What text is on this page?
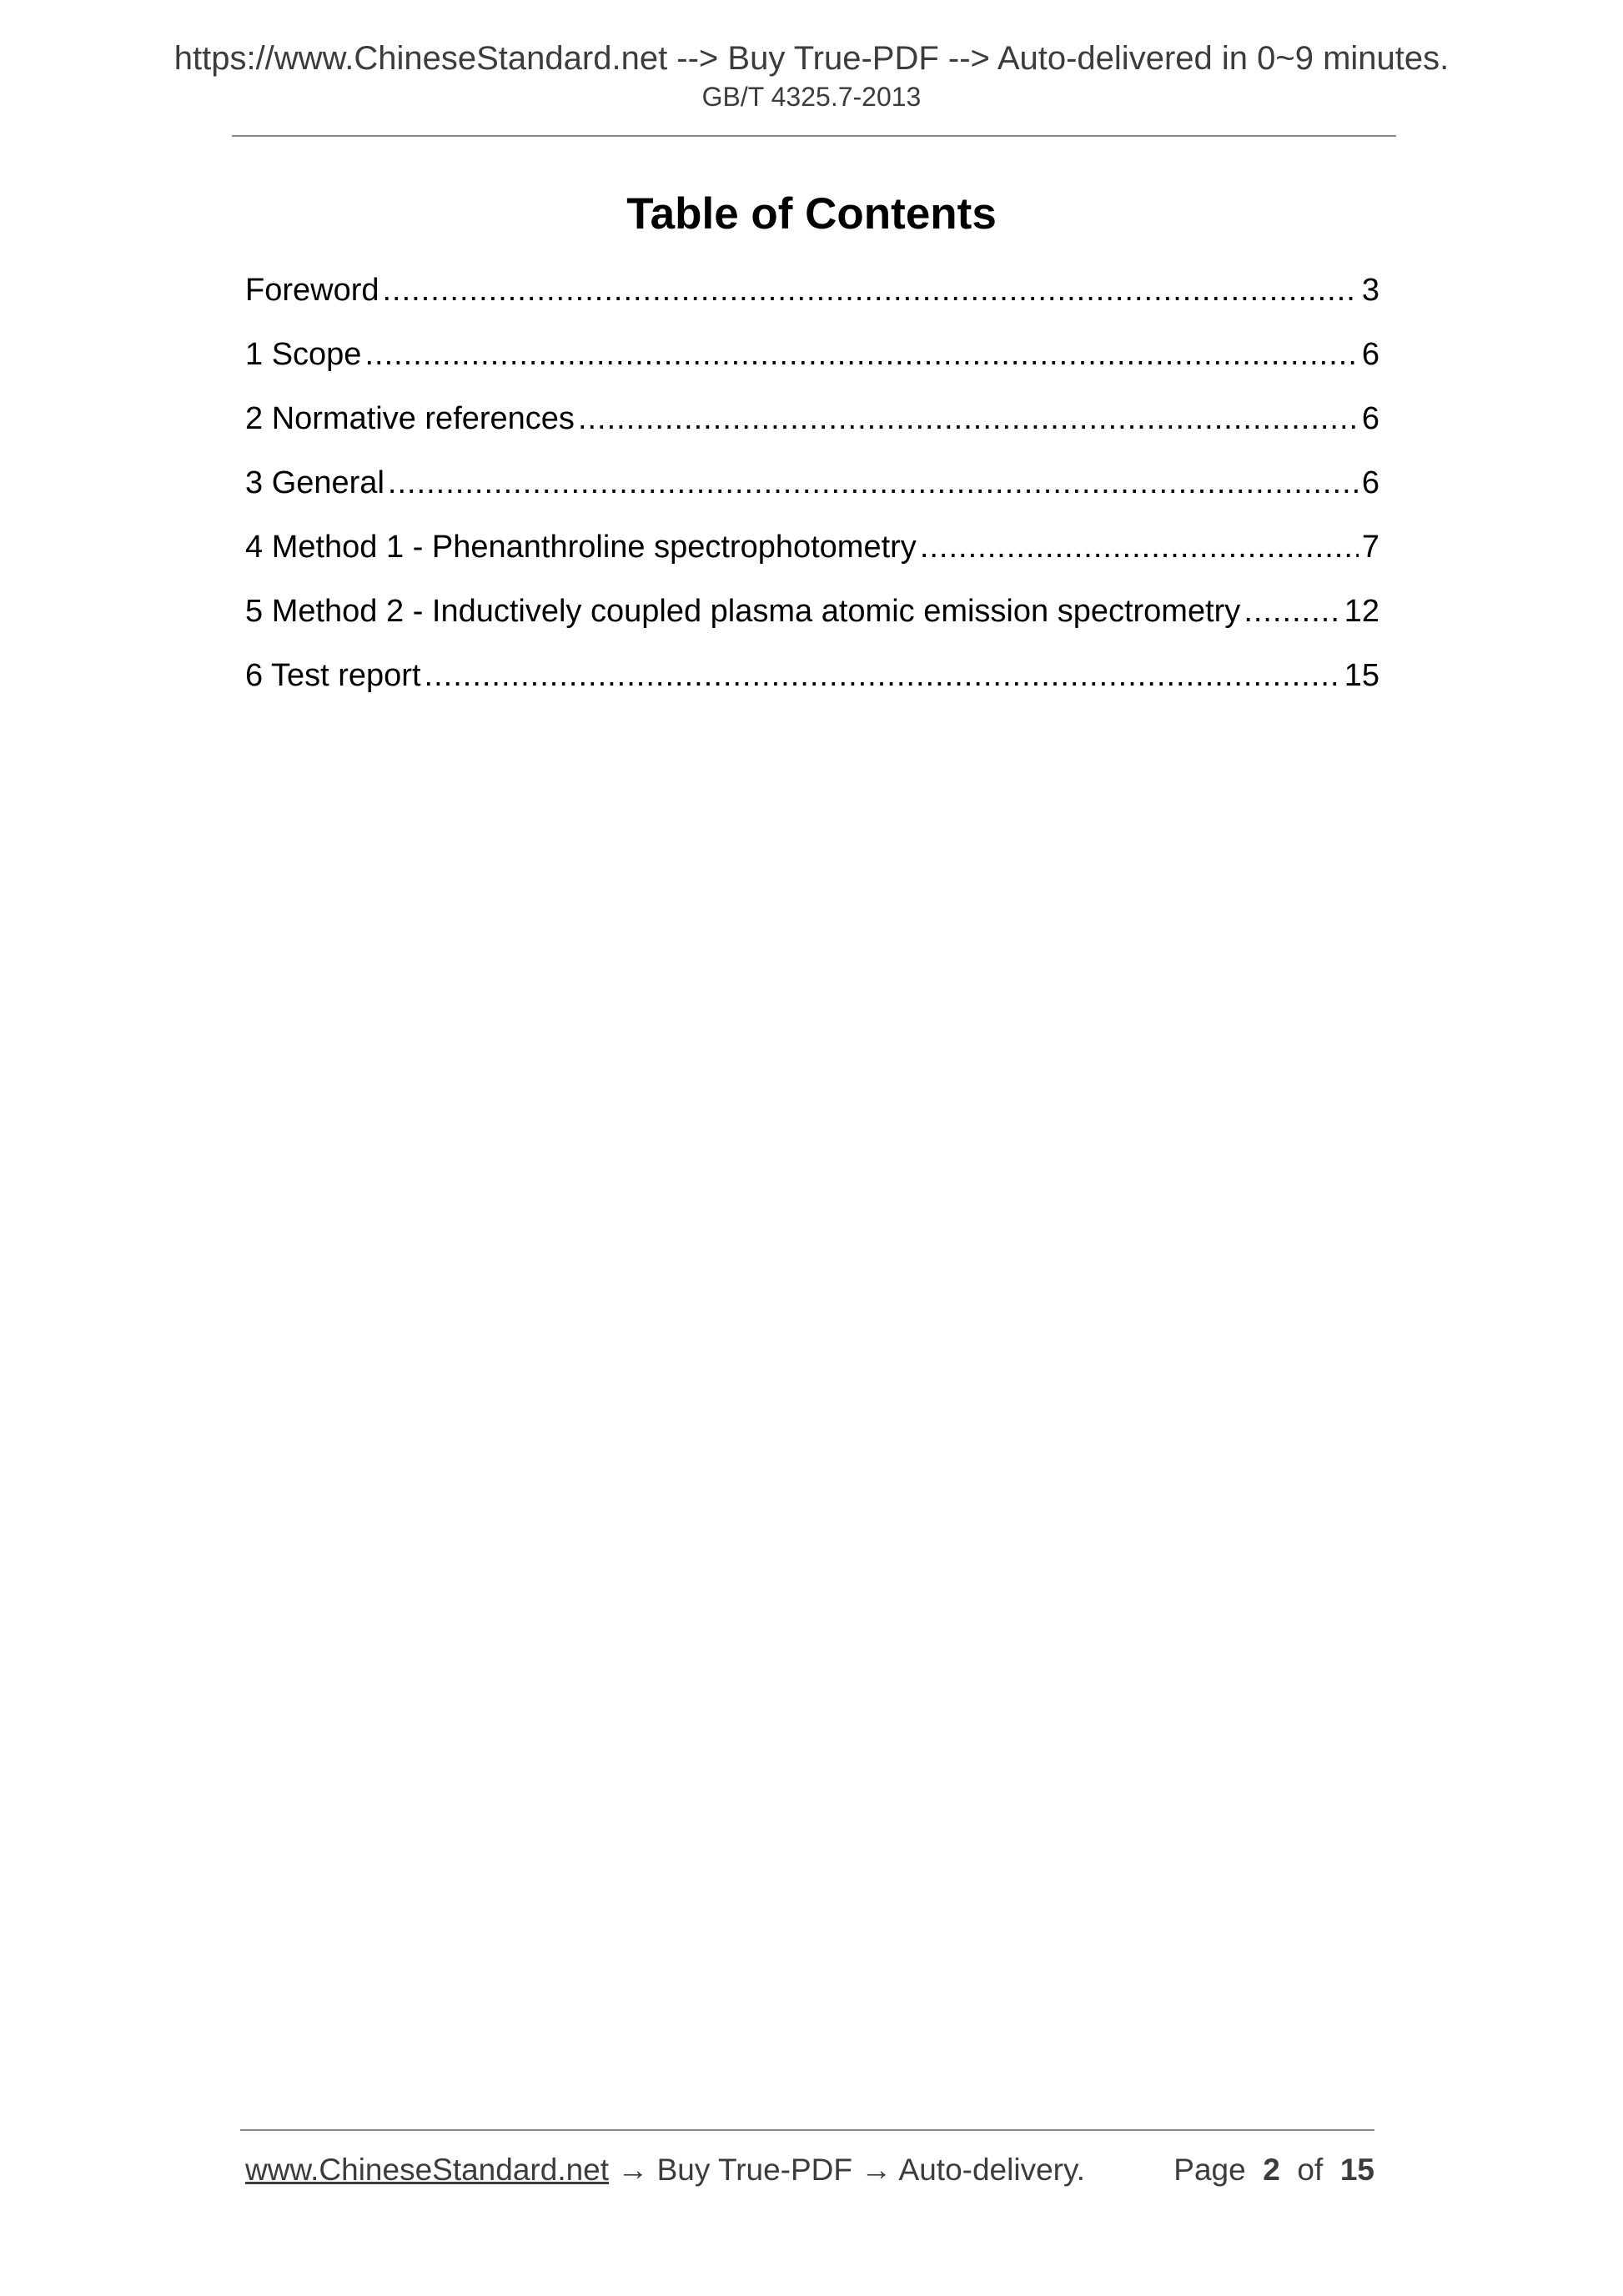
https://www.ChineseStandard.net --> Buy True-PDF --> Auto-delivered in 0~9 minutes.
GB/T 4325.7-2013
Table of Contents
Foreword .....	3
1 Scope .....	6
2 Normative references .....	6
3 General .....	6
4 Method 1 - Phenanthroline spectrophotometry .....	7
5 Method 2 - Inductively coupled plasma atomic emission spectrometry .....	12
6 Test report .....	15
www.ChineseStandard.net → Buy True-PDF → Auto-delivery.	Page 2 of 15
